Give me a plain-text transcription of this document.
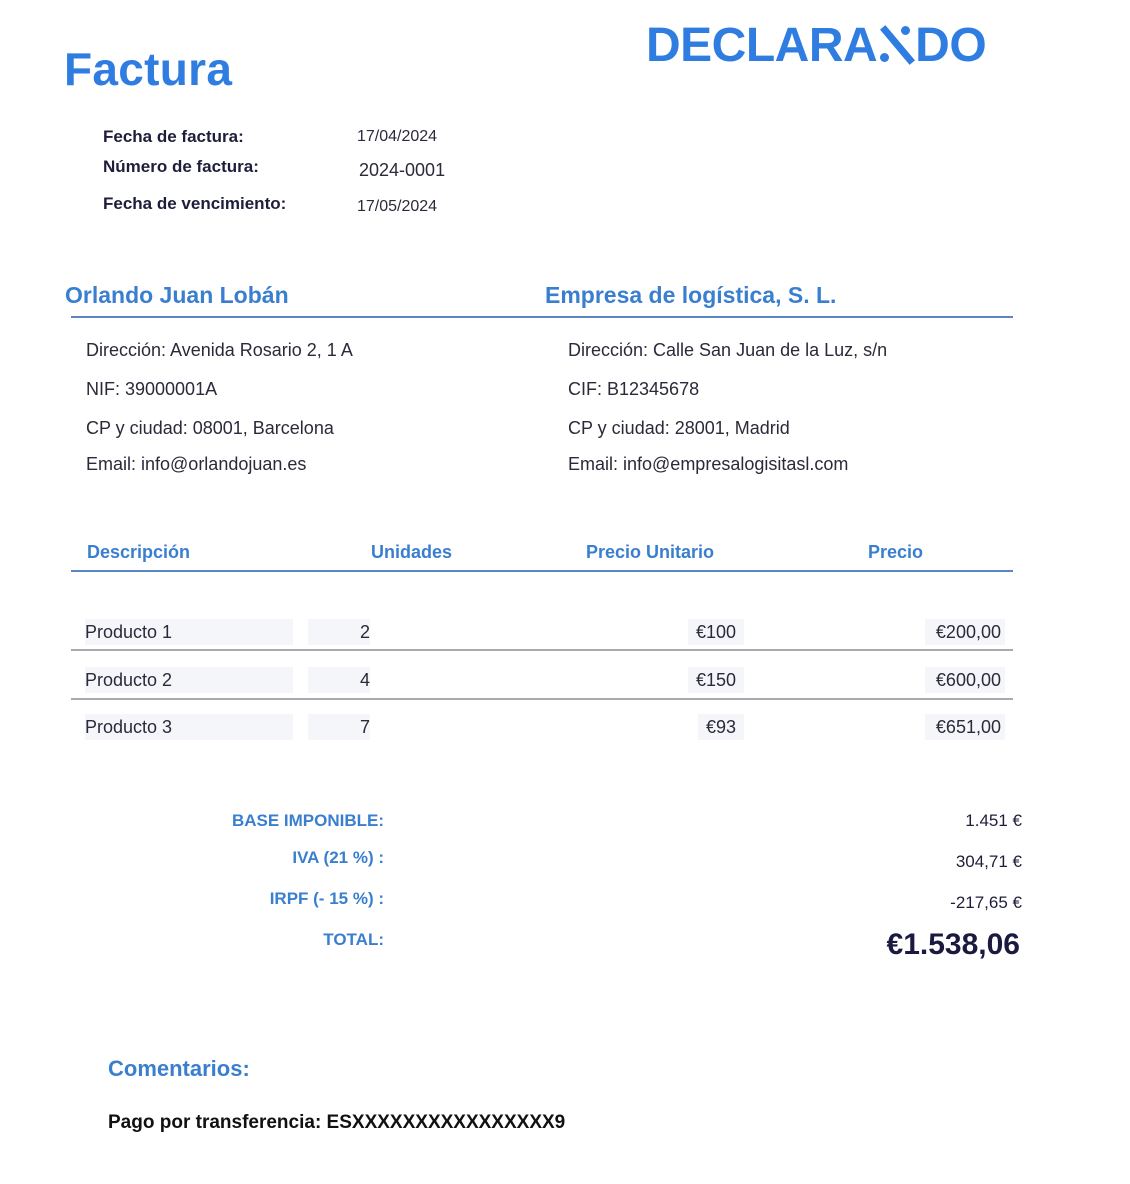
Factura	DECLARA DO
Fecha de factura:	17/04/2024
Número de factura:	2024-0001
Fecha de vencimiento:	17/05/2024
Orlando Juan Lobán	Empresa de logística, S. L.
Dirección: Avenida Rosario 2, 1 A
NIF: 39000001A
CP y ciudad: 08001, Barcelona
Email: info@orlandojuan.es
Dirección: Calle San Juan de la Luz, s/n
CIF: B12345678
CP y ciudad: 28001, Madrid
Email: info@empresalogisitasl.com
Descripción	Unidades	Precio Unitario	Precio
Producto 1	2	€100	€200,00
Producto 2	4	€150	€600,00
Producto 3	7	€93	€651,00
BASE IMPONIBLE:	1.451 €
IVA (21 %) :	304,71 €
IRPF (- 15 %) :	-217,65 €
TOTAL:	€1.538,06
Comentarios:
Pago por transferencia: ESXXXXXXXXXXXXXXXX9
